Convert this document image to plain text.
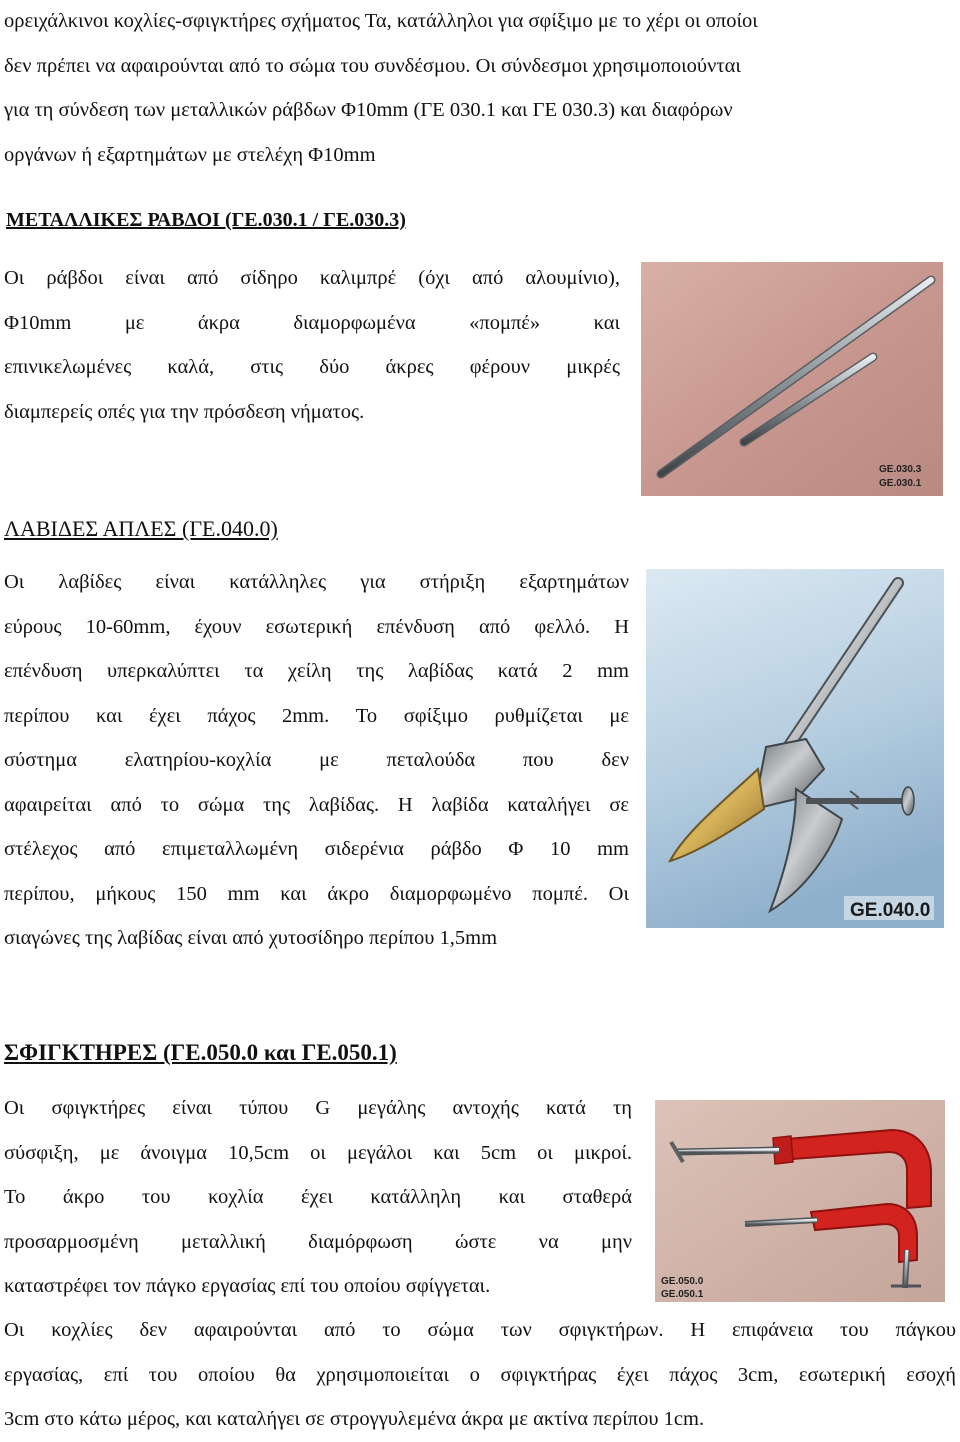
ορειχάλκινοι κοχλίες-σφιγκτήρες σχήματος Τα, κατάλληλοι για σφίξιμο με το χέρι οι οποίοι
δεν πρέπει να αφαιρούνται από το σώμα του συνδέσμου. Οι σύνδεσμοι χρησιμοποιούνται
για τη σύνδεση των μεταλλικών ράβδων Φ10mm (ΓΕ 030.1 και ΓΕ 030.3) και διαφόρων
οργάνων ή εξαρτημάτων με στελέχη Φ10mm
ΜΕΤΑΛΛΙΚΕΣ ΡΑΒΔΟΙ (ΓΕ.030.1 / ΓΕ.030.3)
Οι ράβδοι είναι από σίδηρο καλιμπρέ (όχι από αλουμίνιο),
Φ10mm με άκρα διαμορφωμένα «πομπέ» και
επινικελωμένες καλά, στις δύο άκρες φέρουν μικρές
διαμπερείς οπές για την πρόσδεση νήματος.
GE.030.3
GE.030.1
ΛΑΒΙΔΕΣ ΑΠΛΕΣ (ΓΕ.040.0)
Οι λαβίδες είναι κατάλληλες για στήριξη εξαρτημάτων
εύρους 10-60mm, έχουν εσωτερική επένδυση από φελλό. Η
επένδυση υπερκαλύπτει τα χείλη της λαβίδας κατά 2 mm
περίπου και έχει πάχος 2mm. Το σφίξιμο ρυθμίζεται με
σύστημα ελατηρίου-κοχλία με πεταλούδα που δεν
αφαιρείται από το σώμα της λαβίδας. Η λαβίδα καταλήγει σε
στέλεχος από επιμεταλλωμένη σιδερένια ράβδο Φ 10 mm
περίπου, μήκους 150 mm και άκρο διαμορφωμένο πομπέ. Οι
σιαγώνες της λαβίδας είναι από χυτοσίδηρο περίπου 1,5mm
GE.040.0
ΣΦΙΓΚΤΗΡΕΣ (ΓΕ.050.0 και ΓΕ.050.1)
Οι σφιγκτήρες είναι τύπου G μεγάλης αντοχής κατά τη
σύσφιξη, με άνοιγμα 10,5cm οι μεγάλοι και 5cm οι μικροί.
Το άκρο του κοχλία έχει κατάλληλη και σταθερά
προσαρμοσμένη μεταλλική διαμόρφωση ώστε να μην
καταστρέφει τον πάγκο εργασίας επί του οποίου σφίγγεται.
Οι κοχλίες δεν αφαιρούνται από το σώμα των σφιγκτήρων. Η επιφάνεια του πάγκου
εργασίας, επί του οποίου θα χρησιμοποιείται ο σφιγκτήρας έχει πάχος 3cm, εσωτερική εσοχή
3cm στο κάτω μέρος, και καταλήγει σε στρογγυλεμένα άκρα με ακτίνα περίπου 1cm.
GE.050.0
GE.050.1
